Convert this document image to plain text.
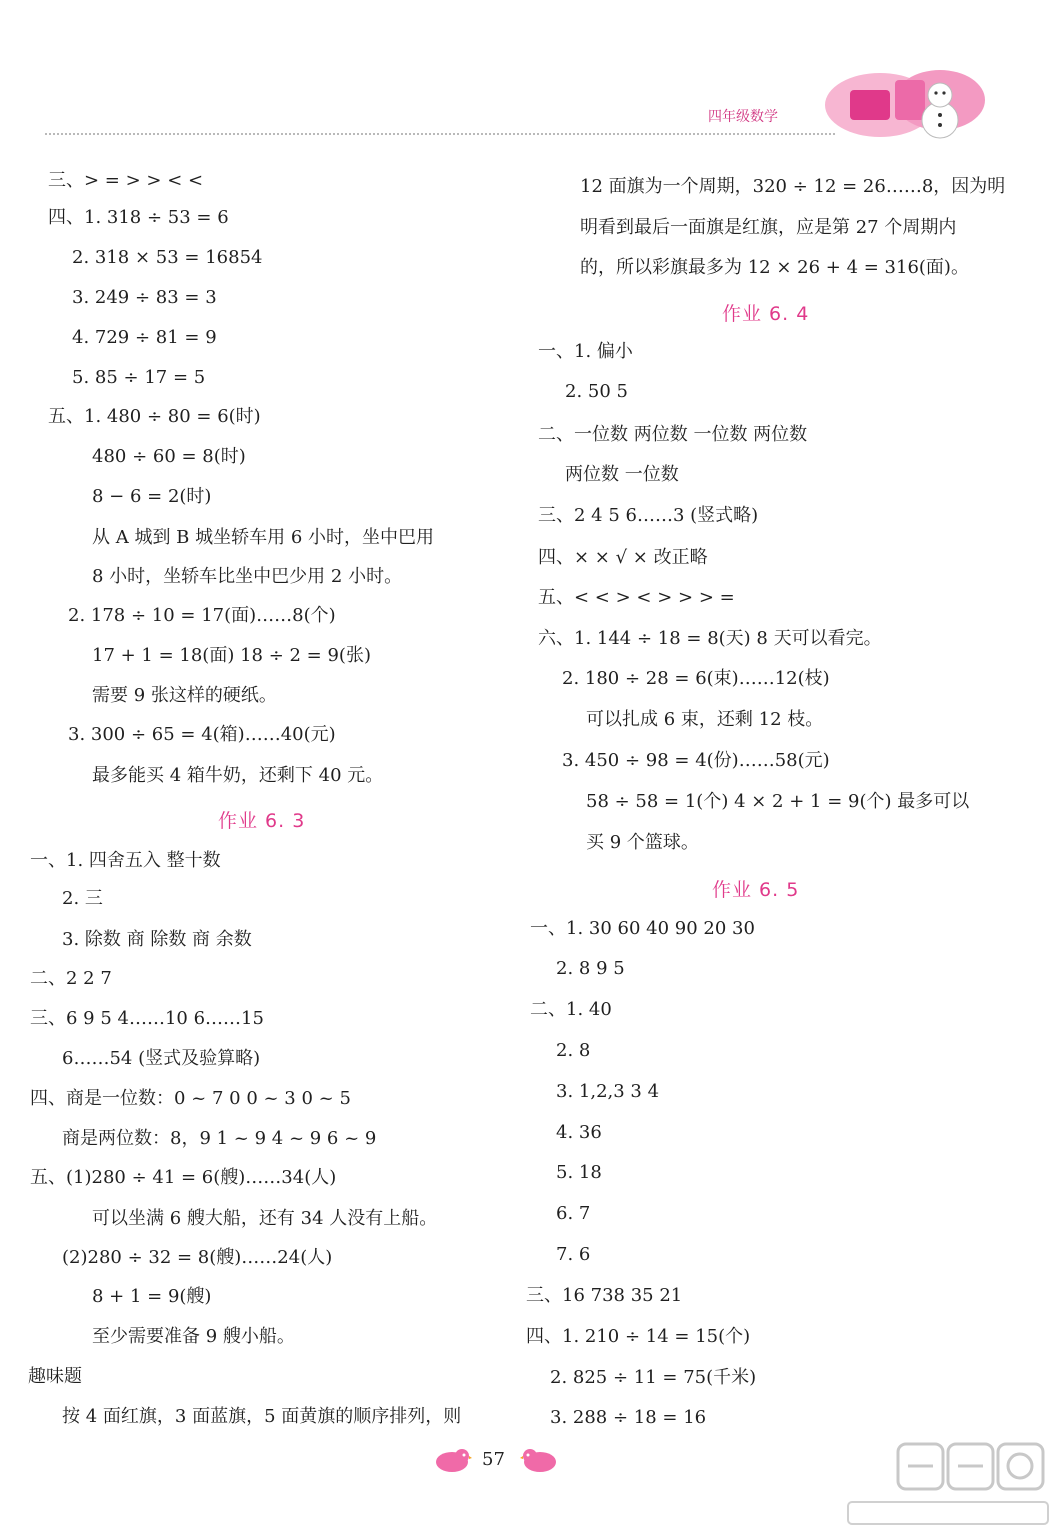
四年级数学
三、> = > > < <
四、1. 318 ÷ 53 = 6
2. 318 × 53 = 16854
3. 249 ÷ 83 = 3
4. 729 ÷ 81 = 9
5. 85 ÷ 17 = 5
五、1. 480 ÷ 80 = 6(时)
480 ÷ 60 = 8(时)
8 − 6 = 2(时)
从 A 城到 B 城坐轿车用 6 小时，坐中巴用
8 小时，坐轿车比坐中巴少用 2 小时。
2. 178 ÷ 10 = 17(面)……8(个)
17 + 1 = 18(面) 18 ÷ 2 = 9(张)
需要 9 张这样的硬纸。
3. 300 ÷ 65 = 4(箱)……40(元)
最多能买 4 箱牛奶，还剩下 40 元。
作业 6. 3
一、1. 四舍五入 整十数
2. 三
3. 除数 商 除数 商 余数
二、2 2 7
三、6 9 5 4……10 6……15
6……54 (竖式及验算略)
四、商是一位数：0 ~ 7 0 0 ~ 3 0 ~ 5
商是两位数：8，9 1 ~ 9 4 ~ 9 6 ~ 9
五、(1)280 ÷ 41 = 6(艘)……34(人)
可以坐满 6 艘大船，还有 34 人没有上船。
(2)280 ÷ 32 = 8(艘)……24(人)
8 + 1 = 9(艘)
至少需要准备 9 艘小船。
趣味题
按 4 面红旗，3 面蓝旗，5 面黄旗的顺序排列，则
12 面旗为一个周期，320 ÷ 12 = 26……8，因为明
明看到最后一面旗是红旗，应是第 27 个周期内
的，所以彩旗最多为 12 × 26 + 4 = 316(面)。
作业 6. 4
一、1. 偏小
2. 50 5
二、一位数 两位数 一位数 两位数
两位数 一位数
三、2 4 5 6……3 (竖式略)
四、× × √ × 改正略
五、< < > < > > > =
六、1. 144 ÷ 18 = 8(天) 8 天可以看完。
2. 180 ÷ 28 = 6(束)……12(枝)
可以扎成 6 束，还剩 12 枝。
3. 450 ÷ 98 = 4(份)……58(元)
58 ÷ 58 = 1(个) 4 × 2 + 1 = 9(个) 最多可以
买 9 个篮球。
作业 6. 5
一、1. 30 60 40 90 20 30
2. 8 9 5
二、1. 40
2. 8
3. 1,2,3 3 4
4. 36
5. 18
6. 7
7. 6
三、16 738 35 21
四、1. 210 ÷ 14 = 15(个)
2. 825 ÷ 11 = 75(千米)
3. 288 ÷ 18 = 16
57
